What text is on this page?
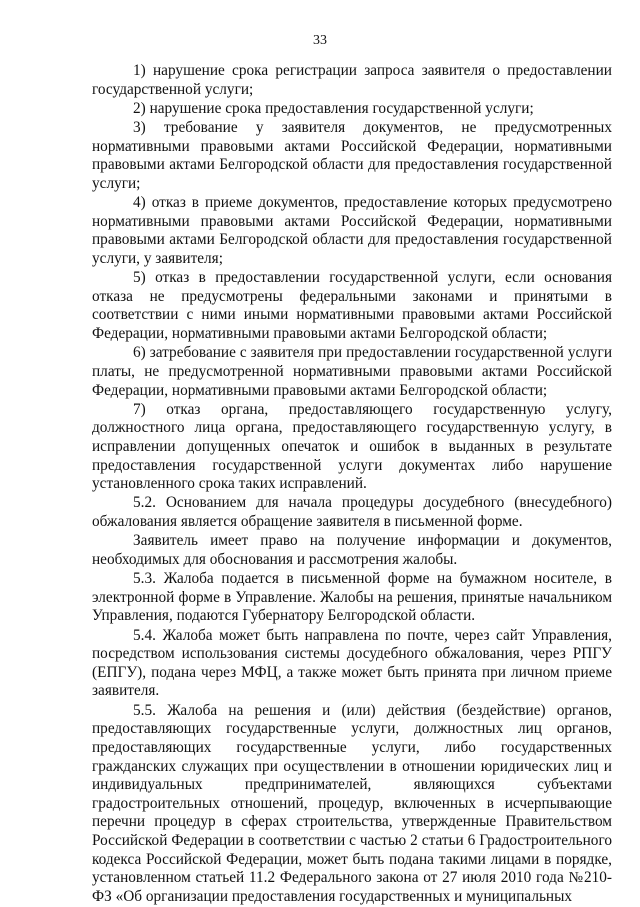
33

1) нарушение срока регистрации запроса заявителя о предоставлении государственной услуги;

2) нарушение срока предоставления государственной услуги;

3) требование у заявителя документов, не предусмотренных нормативными правовыми актами Российской Федерации, нормативными правовыми актами Белгородской области для предоставления государственной услуги;

4) отказ в приеме документов, предоставление которых предусмотрено нормативными правовыми актами Российской Федерации, нормативными правовыми актами Белгородской области для предоставления государственной услуги, у заявителя;

5) отказ в предоставлении государственной услуги, если основания отказа не предусмотрены федеральными законами и принятыми в соответствии с ними иными нормативными правовыми актами Российской Федерации, нормативными правовыми актами Белгородской области;

6) затребование с заявителя при предоставлении государственной услуги платы, не предусмотренной нормативными правовыми актами Российской Федерации, нормативными правовыми актами Белгородской области;

7) отказ органа, предоставляющего государственную услугу, должностного лица органа, предоставляющего государственную услугу, в исправлении допущенных опечаток и ошибок в выданных в результате предоставления государственной услуги документах либо нарушение установленного срока таких исправлений.

5.2. Основанием для начала процедуры досудебного (внесудебного) обжалования является обращение заявителя в письменной форме.

Заявитель имеет право на получение информации и документов, необходимых для обоснования и рассмотрения жалобы.

5.3. Жалоба подается в письменной форме на бумажном носителе, в электронной форме в Управление. Жалобы на решения, принятые начальником Управления, подаются Губернатору Белгородской области.

5.4. Жалоба может быть направлена по почте, через сайт Управления, посредством использования системы досудебного обжалования, через РПГУ (ЕПГУ), подана через МФЦ, а также может быть принята при личном приеме заявителя.

5.5. Жалоба на решения и (или) действия (бездействие) органов, предоставляющих государственные услуги, должностных лиц органов, предоставляющих государственные услуги, либо государственных гражданских служащих при осуществлении в отношении юридических лиц и индивидуальных предпринимателей, являющихся субъектами градостроительных отношений, процедур, включенных в исчерпывающие перечни процедур в сферах строительства, утвержденные Правительством Российской Федерации в соответствии с частью 2 статьи 6 Градостроительного кодекса Российской Федерации, может быть подана такими лицами в порядке, установленном статьей 11.2 Федерального закона от 27 июля 2010 года №210-ФЗ «Об организации предоставления государственных и муниципальных
